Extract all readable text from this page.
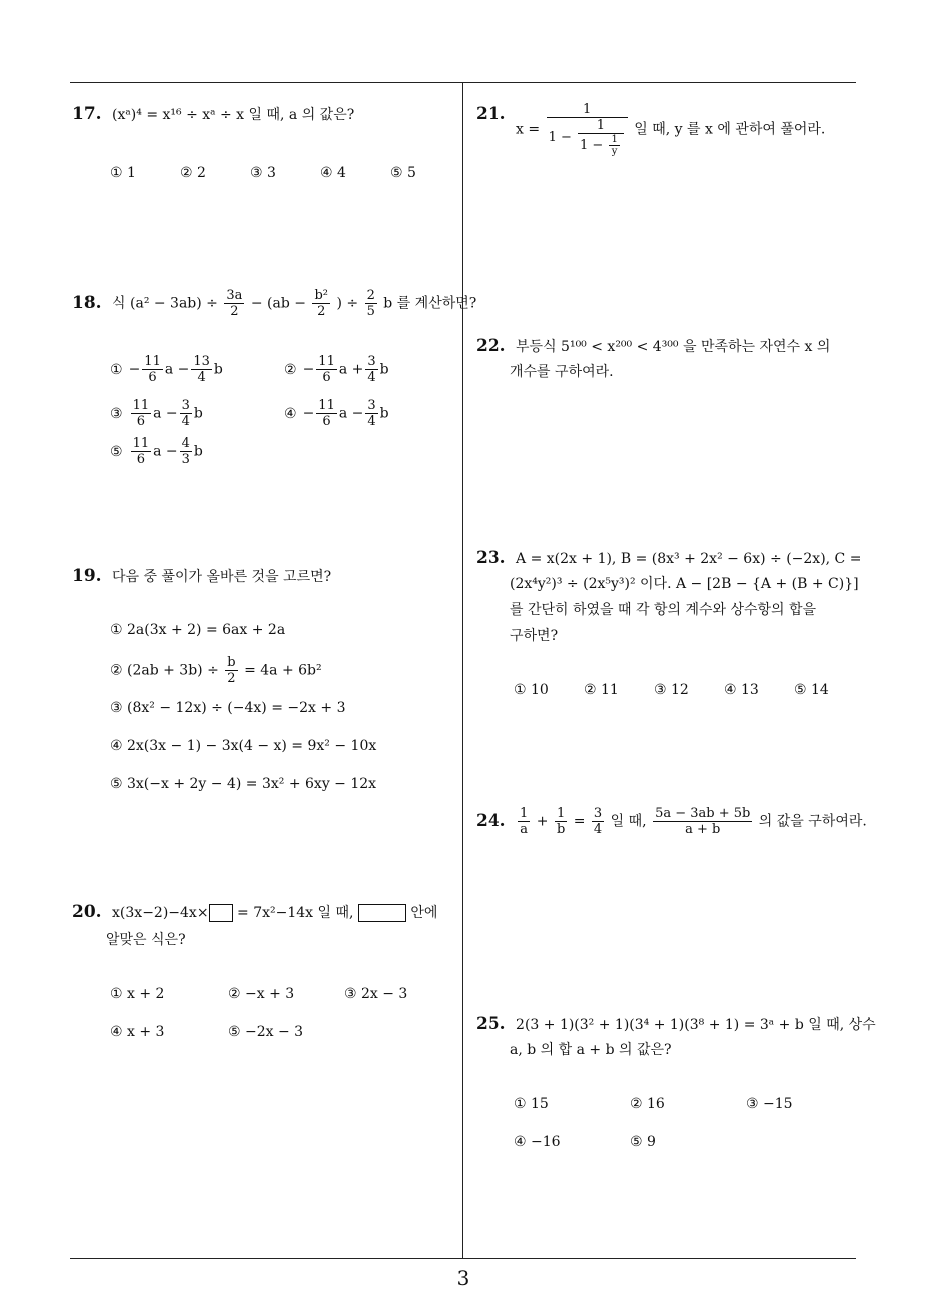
3
17. (xᵃ)⁴ = x¹⁶ ÷ xᵃ ÷ x 일 때, a 의 값은?
① 1	② 2	③ 3	④ 4	⑤ 5
18. 식 $(a^2 - 3ab) \div \frac{3a}{2} - (ab - \frac{\text{b²}}{2}$ ) ÷ $\frac{2}{5}$ b 를 계산하면?
① − $\frac{11}{6}$ $a - \frac{13}{4}$ b	② − $\frac{11}{6}$ $a + \frac{3}{4}$ b
③ $\frac{11}{6}$ $a - \frac{3}{4}$ b	④ − $\frac{11}{6}$ $a - \frac{3}{4}$ b
⑤ $\frac{11}{6}$ $a - \frac{4}{3}$ b
19. 다음 중 풀이가 올바른 것을 고르면?
① 2a(3x + 2) = 6ax + 2a
② $(2ab + 3b) \div \frac{b}{2} = 4a + 6b^2$
③ (8x² − 12x) ÷ (−4x) = −2x + 3
④ 2x(3x − 1) − 3x(4 − x) = 9x² − 10x
⑤ 3x(−x + 2y − 4) = 3x² + 6xy − 12x
20. x(3x−2)−4x× = 7x²−14x 일 때,	안에
알맞은 식은?
① x + 2	② −x + 3	③ 2x − 3
④ x + 3	⑤ −2x − 3
21. $x = \frac{1}{1 - \frac{1}{1 - \frac{1}{y}}}$ 일 때, y 를 x 에 관하여 풀어라.
22. 부등식 5¹⁰⁰ < x²⁰⁰ < 4³⁰⁰ 을 만족하는 자연수 x 의
개수를 구하여라.
23. A = x(2x + 1), B = (8x³ + 2x² − 6x) ÷ (−2x), C =
(2x⁴y²)³ ÷ (2x⁵y³)² 이다. A − [2B − {A + (B + C)}]
를 간단히 하였을 때 각 항의 계수와 상수항의 합을
구하면?
① 10	② 11	③ 12	④ 13	⑤ 14
24. $\frac{1}{a} + \frac{1}{b} = \frac{3}{4}$ 일 때, $\frac{5a - 3ab + 5b}{a + b}$ 의 값을 구하여라.
25. 2(3 + 1)(3² + 1)(3⁴ + 1)(3⁸ + 1) = 3ᵃ + b 일 때, 상수
a, b 의 합 a + b 의 값은?
① 15	② 16	③ −15
④ −16	⑤ 9
